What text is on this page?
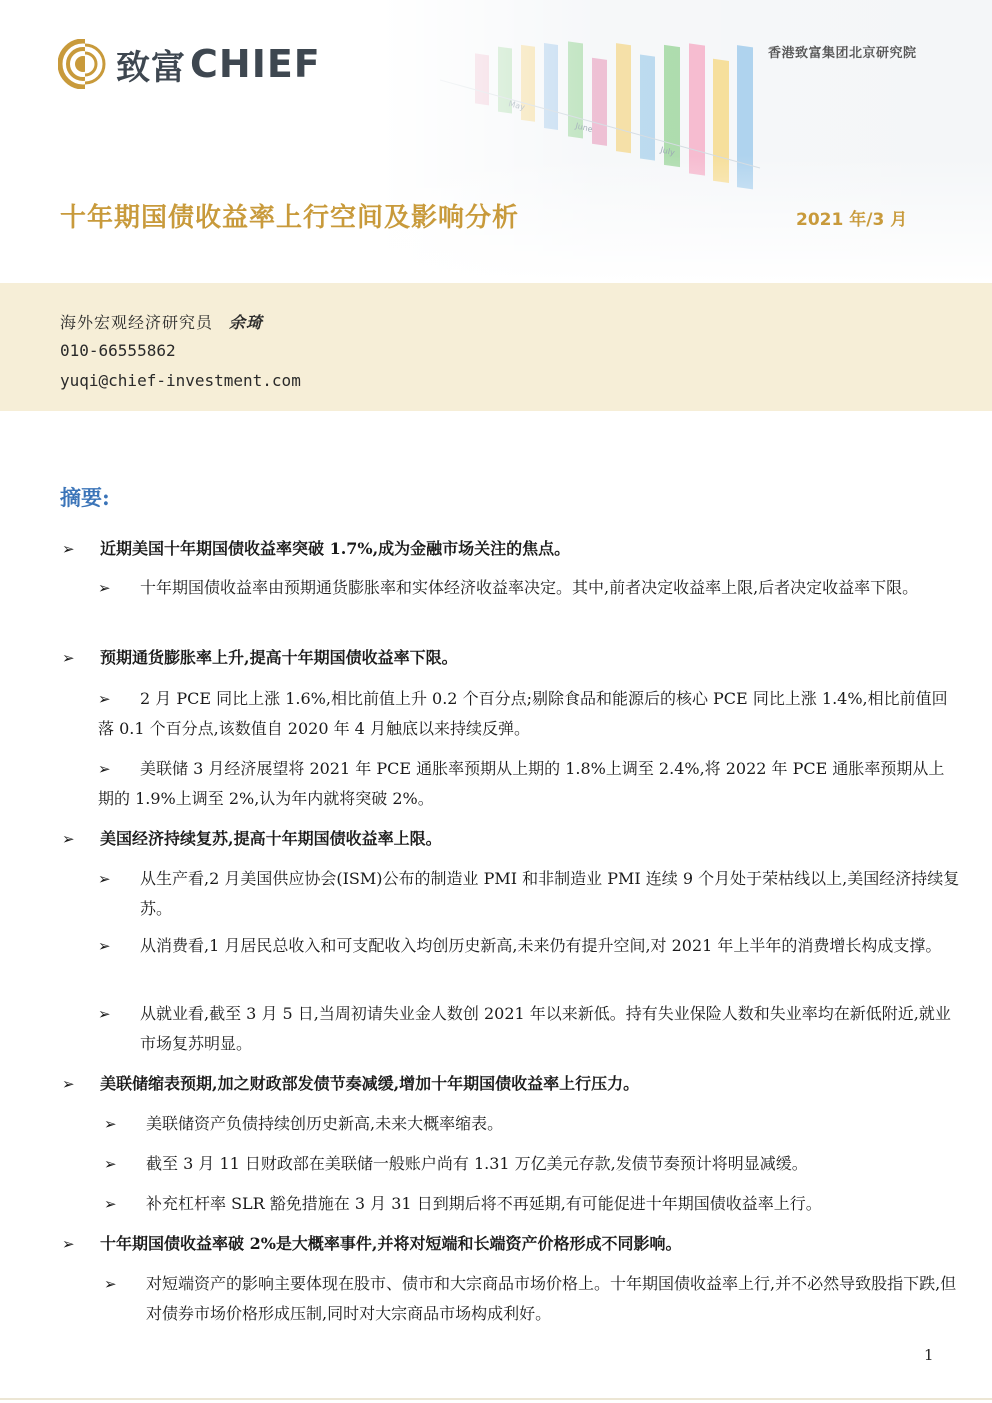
致富 CHIEF	香港致富集团北京研究院
十年期国债收益率上行空间及影响分析	2021 年/3 月
海外宏观经济研究员 余琦
010-66555862
yuqi@chief-investment.com
摘要:
➢ 近期美国十年期国债收益率突破 1.7%,成为金融市场关注的焦点。
➢	十年期国债收益率由预期通货膨胀率和实体经济收益率决定。其中,前者决定收益率上限,后者决定收益率下限。
➢ 预期通货膨胀率上升,提高十年期国债收益率下限。
➢	2 月 PCE 同比上涨 1.6%,相比前值上升 0.2 个百分点;剔除食品和能源后的核心 PCE 同比上涨 1.4%,相比前值回落 0.1 个百分点,该数值自 2020 年 4 月触底以来持续反弹。
➢	美联储 3 月经济展望将 2021 年 PCE 通胀率预期从上期的 1.8%上调至 2.4%,将 2022 年 PCE 通胀率预期从上期的 1.9%上调至 2%,认为年内就将突破 2%。
➢ 美国经济持续复苏,提高十年期国债收益率上限。
➢ 从生产看,2 月美国供应协会(ISM)公布的制造业 PMI 和非制造业 PMI 连续 9 个月处于荣枯线以上,美国经济持续复苏。
➢ 从消费看,1 月居民总收入和可支配收入均创历史新高,未来仍有提升空间,对 2021 年上半年的消费增长构成支撑。
➢ 从就业看,截至 3 月 5 日,当周初请失业金人数创 2021 年以来新低。持有失业保险人数和失业率均在新低附近,就业市场复苏明显。
➢ 美联储缩表预期,加之财政部发债节奏减缓,增加十年期国债收益率上行压力。
➢ 美联储资产负债持续创历史新高,未来大概率缩表。
➢ 截至 3 月 11 日财政部在美联储一般账户尚有 1.31 万亿美元存款,发债节奏预计将明显减缓。
➢ 补充杠杆率 SLR 豁免措施在 3 月 31 日到期后将不再延期,有可能促进十年期国债收益率上行。
➢ 十年期国债收益率破 2%是大概率事件,并将对短端和长端资产价格形成不同影响。
➢ 对短端资产的影响主要体现在股市、债市和大宗商品市场价格上。十年期国债收益率上行,并不必然导致股指下跌,但对债券市场价格形成压制,同时对大宗商品市场构成利好。
1
